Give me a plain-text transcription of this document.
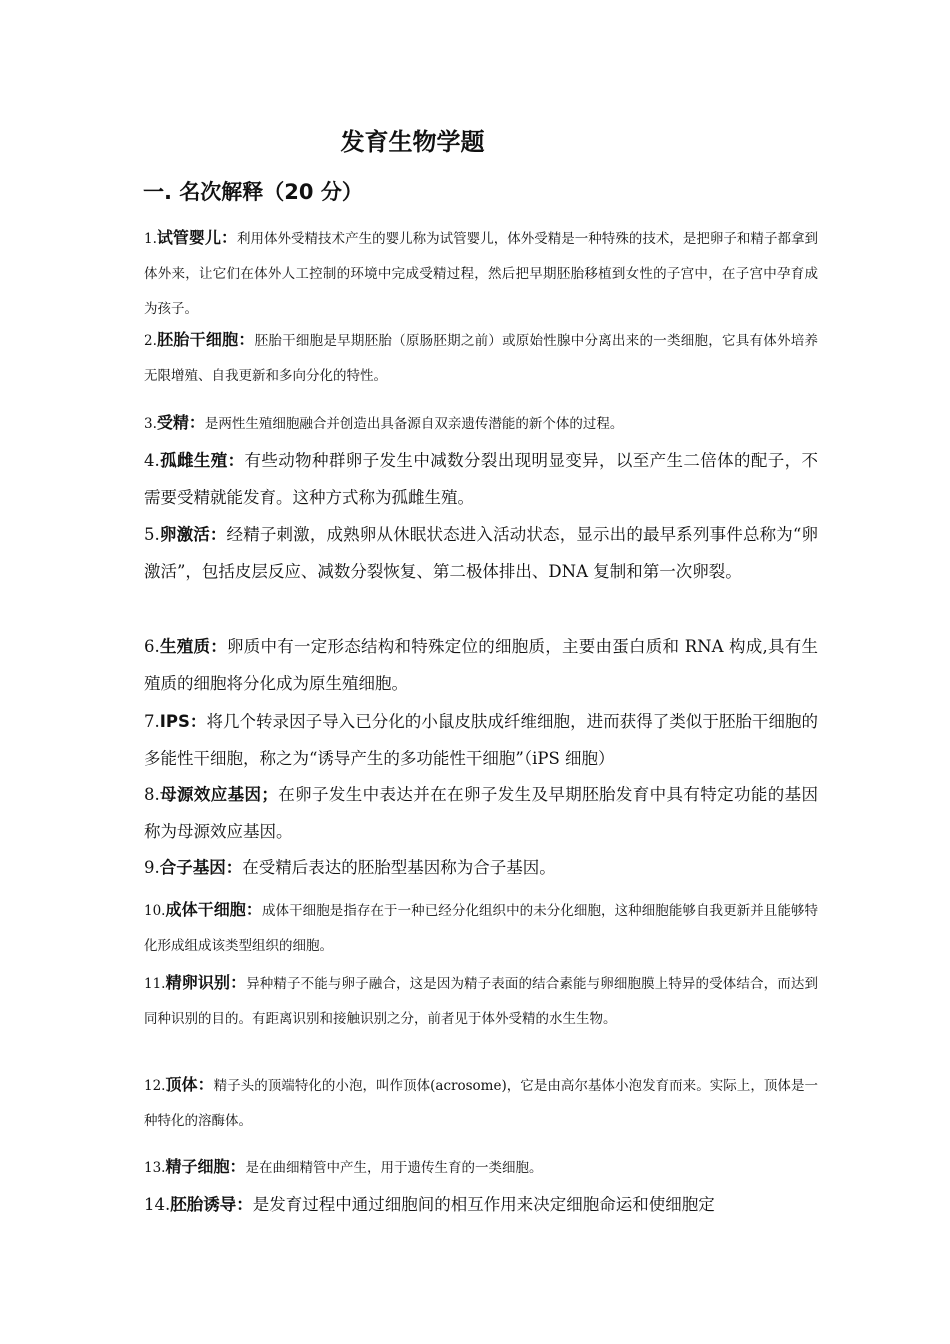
发育生物学题
一. 名次解释（20 分）

1.试管婴儿：利用体外受精技术产生的婴儿称为试管婴儿，体外受精是一种特殊的技术，是把卵子和精子都拿到体外来，让它们在体外人工控制的环境中完成受精过程，然后把早期胚胎移植到女性的子宫中，在子宫中孕育成为孩子。

2.胚胎干细胞：胚胎干细胞是早期胚胎（原肠胚期之前）或原始性腺中分离出来的一类细胞，它具有体外培养无限增殖、自我更新和多向分化的特性。

3.受精：是两性生殖细胞融合并创造出具备源自双亲遗传潜能的新个体的过程。

4.孤雌生殖：有些动物种群卵子发生中减数分裂出现明显变异，以至产生二倍体的配子，不需要受精就能发育。这种方式称为孤雌生殖。

5.卵激活：经精子刺激，成熟卵从休眠状态进入活动状态，显示出的最早系列事件总称为“卵激活”，包括皮层反应、减数分裂恢复、第二极体排出、DNA 复制和第一次卵裂。

6.生殖质：卵质中有一定形态结构和特殊定位的细胞质，主要由蛋白质和 RNA 构成,具有生殖质的细胞将分化成为原生殖细胞。

7.IPS：将几个转录因子导入已分化的小鼠皮肤成纤维细胞，进而获得了类似于胚胎干细胞的多能性干细胞，称之为“诱导产生的多功能性干细胞”（iPS 细胞）

8.母源效应基因；在卵子发生中表达并在在卵子发生及早期胚胎发育中具有特定功能的基因称为母源效应基因。

9.合子基因：在受精后表达的胚胎型基因称为合子基因。

10.成体干细胞：成体干细胞是指存在于一种已经分化组织中的未分化细胞，这种细胞能够自我更新并且能够特化形成组成该类型组织的细胞。

11.精卵识别：异种精子不能与卵子融合，这是因为精子表面的结合素能与卵细胞膜上特异的受体结合，而达到同种识别的目的。有距离识别和接触识别之分，前者见于体外受精的水生生物。

12.顶体：精子头的顶端特化的小泡，叫作顶体(acrosome)，它是由高尔基体小泡发育而来。实际上，顶体是一种特化的溶酶体。

13.精子细胞：是在曲细精管中产生，用于遗传生育的一类细胞。

14.胚胎诱导：是发育过程中通过细胞间的相互作用来决定细胞命运和使细胞定
